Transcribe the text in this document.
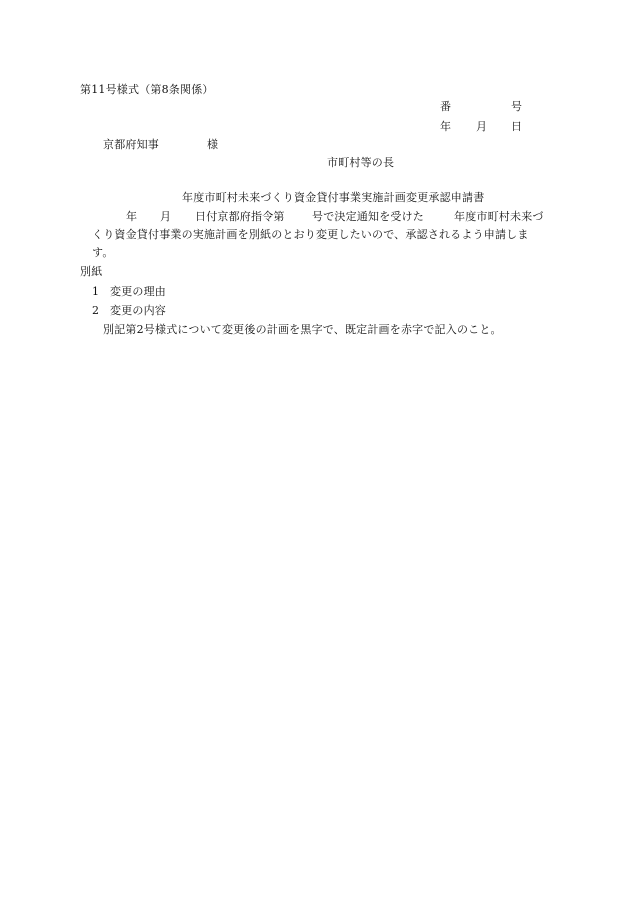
第11号様式（第8条関係）
番	号
年 月 日
京都府知事	様
市町村等の長
年度市町村未来づくり資金貸付事業実施計画変更承認申請書
年 月 日付京都府指令第 号で決定通知を受けた	年度市町村未来づ
くり資金貸付事業の実施計画を別紙のとおり変更したいので、承認されるよう申請しま
す。
別紙
1 変更の理由
2 変更の内容
別記第2号様式について変更後の計画を黒字で、既定計画を赤字で記入のこと。
